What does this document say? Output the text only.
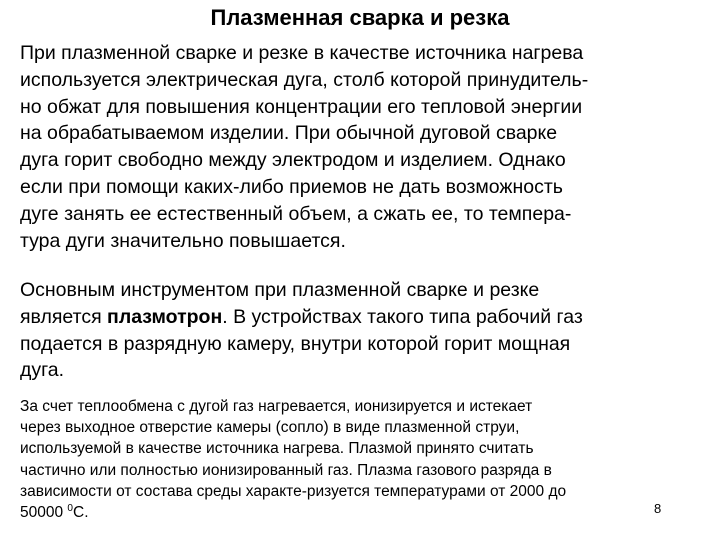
Плазменная сварка и резка

При плазменной сварке и резке в качестве источника нагрева
используется электрическая дуга, столб которой принудитель-
но обжат для повышения концентрации его тепловой энергии
на обрабатываемом изделии. При обычной дуговой сварке
дуга горит свободно между электродом и изделием. Однако
если при помощи каких-либо приемов не дать возможность
дуге занять ее естественный объем, а сжать ее, то темпера-
тура дуги значительно повышается.

Основным инструментом при плазменной сварке и резке
является плазмотрон. В устройствах такого типа рабочий газ
подается в разрядную камеру, внутри которой горит мощная
дуга.

За счет теплообмена с дугой газ нагревается, ионизируется и истекает
через выходное отверстие камеры (сопло) в виде плазменной струи,
используемой в качестве источника нагрева. Плазмой принято считать
частично или полностью ионизированный газ. Плазма газового разряда в
зависимости от состава среды характе-ризуется температурами от 2000 до
50000 $^0$С.	8
